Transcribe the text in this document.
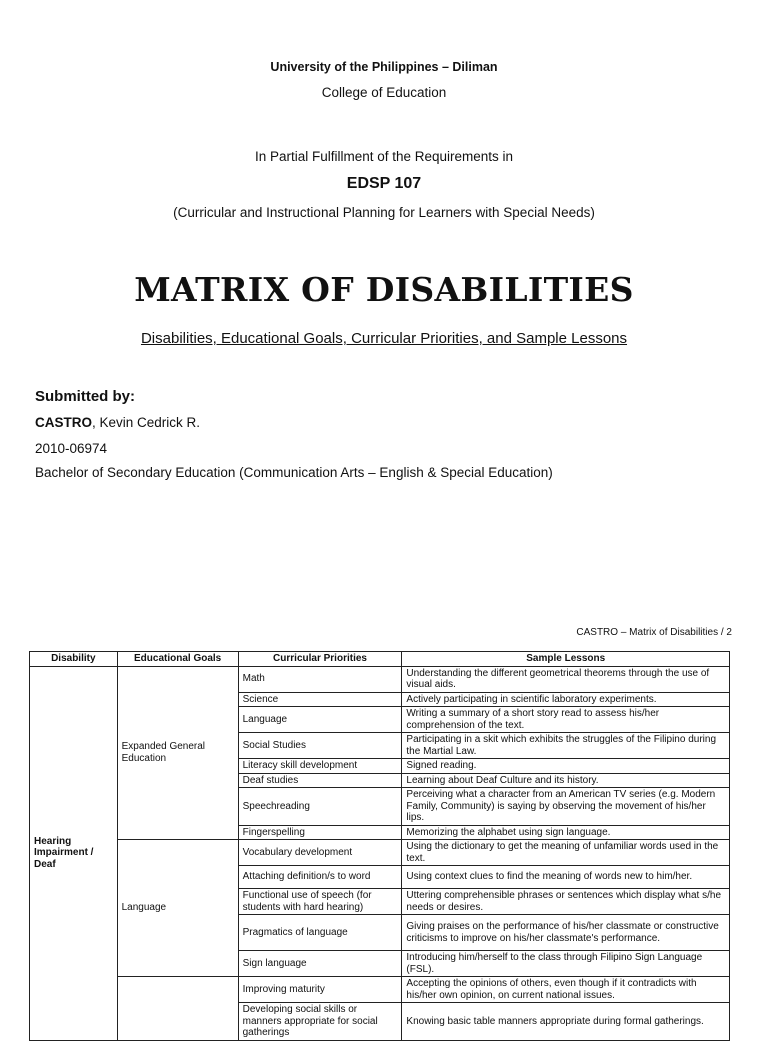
University of the Philippines – Diliman
College of Education
In Partial Fulfillment of the Requirements in
EDSP 107
(Curricular and Instructional Planning for Learners with Special Needs)
MATRIX OF DISABILITIES
Disabilities, Educational Goals, Curricular Priorities, and Sample Lessons
Submitted by:
CASTRO, Kevin Cedrick R.
2010-06974
Bachelor of Secondary Education (Communication Arts – English & Special Education)
CASTRO – Matrix of Disabilities / 2
Disability	Educational Goals	Curricular Priorities	Sample Lessons
Hearing Impairment / Deaf	Expanded General Education	Math	Understanding the different geometrical theorems through the use of visual aids.
		Science	Actively participating in scientific laboratory experiments.
		Language	Writing a summary of a short story read to assess his/her comprehension of the text.
		Social Studies	Participating in a skit which exhibits the struggles of the Filipino during the Martial Law.
		Literacy skill development	Signed reading.
		Deaf studies	Learning about Deaf Culture and its history.
		Speechreading	Perceiving what a character from an American TV series (e.g. Modern Family, Community) is saying by observing the movement of his/her lips.
		Fingerspelling	Memorizing the alphabet using sign language.
	Language	Vocabulary development	Using the dictionary to get the meaning of unfamiliar words used in the text.
		Attaching definition/s to word	Using context clues to find the meaning of words new to him/her.
		Functional use of speech (for students with hard hearing)	Uttering comprehensible phrases or sentences which display what s/he needs or desires.
		Pragmatics of language	Giving praises on the performance of his/her classmate or constructive criticisms to improve on his/her classmate's performance.
		Sign language	Introducing him/herself to the class through Filipino Sign Language (FSL).
		Improving maturity	Accepting the opinions of others, even though if it contradicts with his/her own opinion, on current national issues.
		Developing social skills or manners appropriate for social gatherings	Knowing basic table manners appropriate during formal gatherings.
